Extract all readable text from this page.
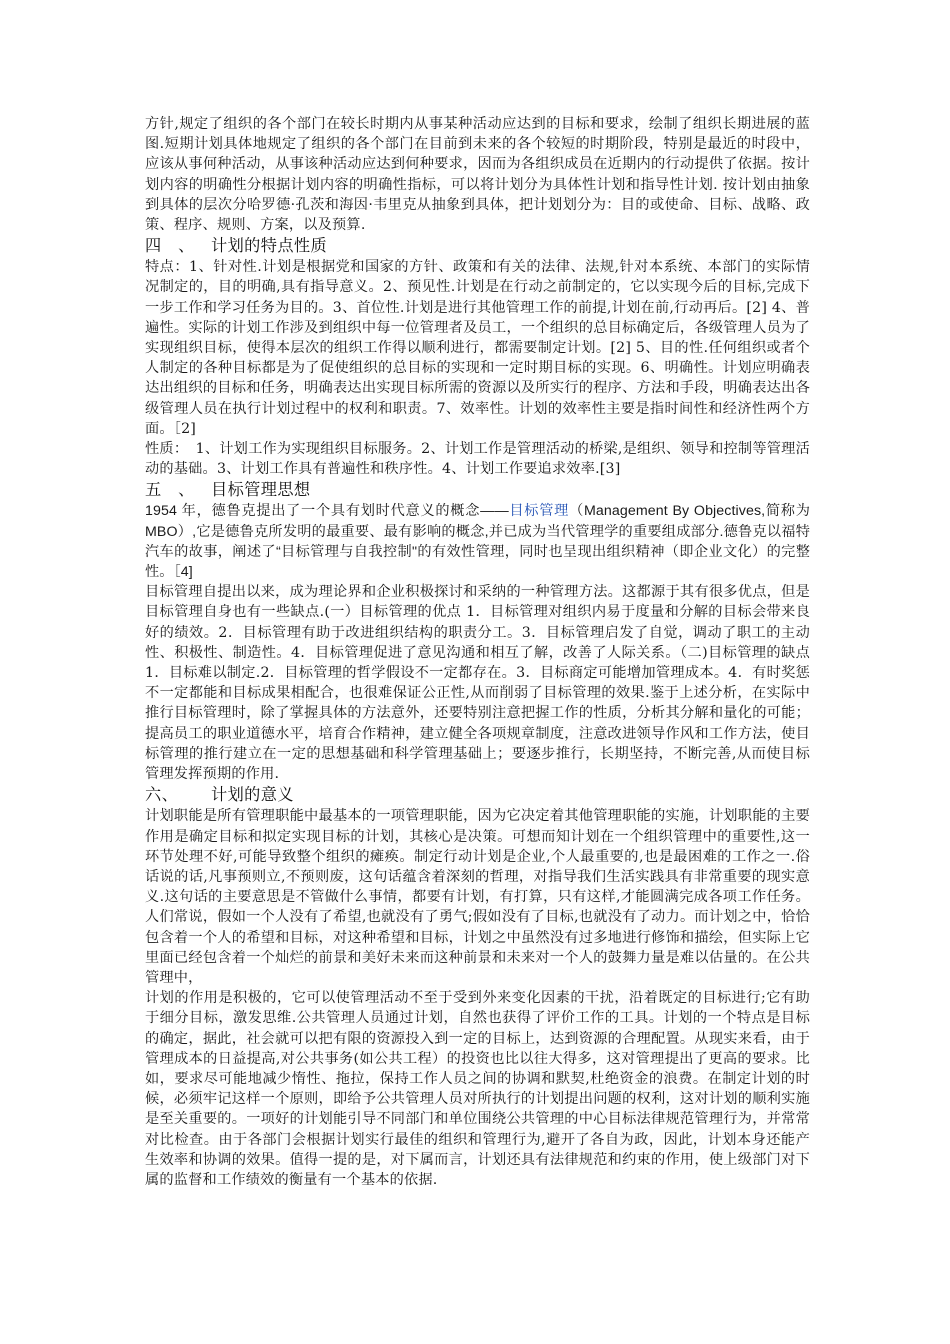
方针,规定了组织的各个部门在较长时期内从事某种活动应达到的目标和要求，绘制了组织长期进展的蓝图.短期计划具体地规定了组织的各个部门在目前到未来的各个较短的时期阶段，特别是最近的时段中，应该从事何种活动，从事该种活动应达到何种要求，因而为各组织成员在近期内的行动提供了依据。按计划内容的明确性分根据计划内容的明确性指标，可以将计划分为具体性计划和指导性计划. 按计划由抽象到具体的层次分哈罗德·孔茨和海因·韦里克从抽象到具体，把计划划分为：目的或使命、目标、战略、政策、程序、规则、方案，以及预算.

四　、 计划的特点性质

特点：1、针对性.计划是根据党和国家的方针、政策和有关的法律、法规,针对本系统、本部门的实际情况制定的，目的明确,具有指导意义。2、预见性.计划是在行动之前制定的，它以实现今后的目标,完成下一步工作和学习任务为目的。3、首位性.计划是进行其他管理工作的前提,计划在前,行动再后。[2] 4、普遍性。实际的计划工作涉及到组织中每一位管理者及员工，一个组织的总目标确定后，各级管理人员为了实现组织目标，使得本层次的组织工作得以顺利进行，都需要制定计划。[2] 5、目的性.任何组织或者个人制定的各种目标都是为了促使组织的总目标的实现和一定时期目标的实现。6、明确性。计划应明确表达出组织的目标和任务，明确表达出实现目标所需的资源以及所实行的程序、方法和手段，明确表达出各级管理人员在执行计划过程中的权利和职责。7、效率性。计划的效率性主要是指时间性和经济性两个方面。［2]

性质：　1、计划工作为实现组织目标服务。2、计划工作是管理活动的桥梁,是组织、领导和控制等管理活动的基础。3、计划工作具有普遍性和秩序性。4、计划工作要追求效率.[3]

五　、 目标管理思想

1954 年，德鲁克提出了一个具有划时代意义的概念——目标管理（Management By Objectives,简称为MBO）,它是德鲁克所发明的最重要、最有影响的概念,并已成为当代管理学的重要组成部分.德鲁克以福特汽车的故事，阐述了“目标管理与自我控制"的有效性管理，同时也呈现出组织精神（即企业文化）的完整性。［4]

目标管理自提出以来，成为理论界和企业积极探讨和采纳的一种管理方法。这都源于其有很多优点，但是目标管理自身也有一些缺点.(一）目标管理的优点 1．目标管理对组织内易于度量和分解的目标会带来良好的绩效。2．目标管理有助于改进组织结构的职责分工。3．目标管理启发了自觉，调动了职工的主动性、积极性、制造性。4．目标管理促进了意见沟通和相互了解，改善了人际关系。（二)目标管理的缺点 1．目标难以制定.2．目标管理的哲学假设不一定都存在。3．目标商定可能增加管理成本。4．有时奖惩不一定都能和目标成果相配合，也很难保证公正性,从而削弱了目标管理的效果.鉴于上述分析，在实际中推行目标管理时，除了掌握具体的方法意外，还要特别注意把握工作的性质，分析其分解和量化的可能；提高员工的职业道德水平，培育合作精神，建立健全各项规章制度，注意改进领导作风和工作方法，使目标管理的推行建立在一定的思想基础和科学管理基础上；要逐步推行，长期坚持，不断完善,从而使目标管理发挥预期的作用.

六、 计划的意义

计划职能是所有管理职能中最基本的一项管理职能，因为它决定着其他管理职能的实施，计划职能的主要作用是确定目标和拟定实现目标的计划，其核心是决策。可想而知计划在一个组织管理中的重要性,这一环节处理不好,可能导致整个组织的瘫痪。制定行动计划是企业,个人最重要的,也是最困难的工作之一.俗话说的话,凡事预则立,不预则废，这句话蕴含着深刻的哲理，对指导我们生活实践具有非常重要的现实意义.这句话的主要意思是不管做什么事情，都要有计划，有打算，只有这样,才能圆满完成各项工作任务。人们常说，假如一个人没有了希望,也就没有了勇气;假如没有了目标,也就没有了动力。而计划之中，恰恰包含着一个人的希望和目标，对这种希望和目标，计划之中虽然没有过多地进行修饰和描绘，但实际上它里面已经包含着一个灿烂的前景和美好未来而这种前景和未来对一个人的鼓舞力量是难以估量的。在公共管理中，

计划的作用是积极的，它可以使管理活动不至于受到外来变化因素的干扰，沿着既定的目标进行;它有助于细分目标，激发思维.公共管理人员通过计划，自然也获得了评价工作的工具。计划的一个特点是目标的确定，据此，社会就可以把有限的资源投入到一定的目标上，达到资源的合理配置。从现实来看，由于管理成本的日益提高,对公共事务(如公共工程）的投资也比以往大得多，这对管理提出了更高的要求。比如，要求尽可能地减少惰性、拖拉，保持工作人员之间的协调和默契,杜绝资金的浪费。在制定计划的时候，必须牢记这样一个原则，即给予公共管理人员对所执行的计划提出问题的权利，这对计划的顺利实施是至关重要的。一项好的计划能引导不同部门和单位围绕公共管理的中心目标法律规范管理行为，并常常对比检查。由于各部门会根据计划实行最佳的组织和管理行为,避开了各自为政，因此，计划本身还能产生效率和协调的效果。值得一提的是，对下属而言，计划还具有法律规范和约束的作用，使上级部门对下属的监督和工作绩效的衡量有一个基本的依据.
